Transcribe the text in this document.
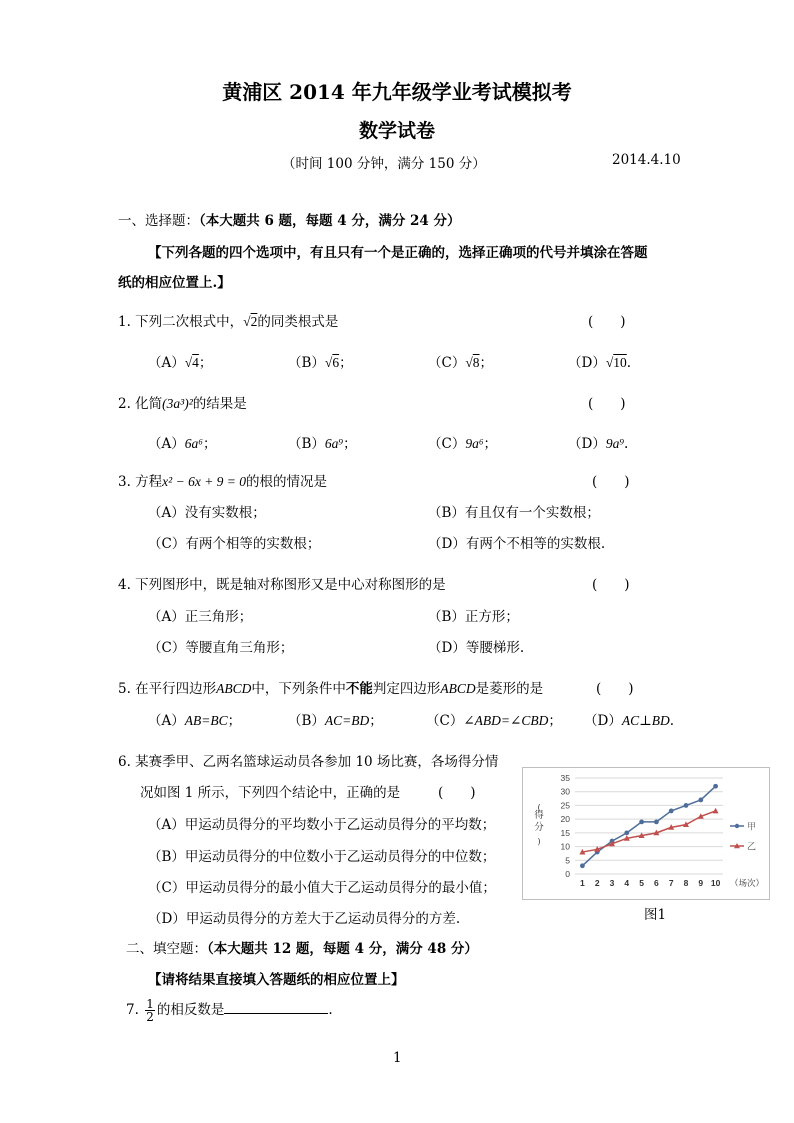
黄浦区 2014 年九年级学业考试模拟考
数学试卷
（时间 100 分钟，满分 150 分）	2014.4.10
一、选择题：（本大题共 6 题，每题 4 分，满分 24 分）
【下列各题的四个选项中，有且只有一个是正确的，选择正确项的代号并填涂在答题
纸的相应位置上.】
1. 下列二次根式中，√2的同类根式是	(　　)
（A）√4；	（B）√6；	（C）√8；	（D）√10.
2. 化简(3a³)²的结果是	(　　)
（A）6a⁶；	（B）6a⁹；	（C）9a⁶；	（D）9a⁹.
3. 方程x² − 6x + 9 = 0的根的情况是	(　　)
（A）没有实数根；	（B）有且仅有一个实数根；
（C）有两个相等的实数根；	（D）有两个不相等的实数根.
4. 下列图形中，既是轴对称图形又是中心对称图形的是	(　　)
（A）正三角形；	（B）正方形；
（C）等腰直角三角形；	（D）等腰梯形.
5. 在平行四边形ABCD中，下列条件中不能判定四边形ABCD是菱形的是	(　　)
（A）AB=BC；	（B）AC=BD；	（C）∠ABD=∠CBD； （D）AC⊥BD.
6. 某赛季甲、乙两名篮球运动员各参加 10 场比赛，各场得分情
况如图 1 所示，下列四个结论中，正确的是	(　　)
（A）甲运动员得分的平均数小于乙运动员得分的平均数；
（B）甲运动员得分的中位数小于乙运动员得分的中位数；
（C）甲运动员得分的最小值大于乙运动员得分的最小值；
（D）甲运动员得分的方差大于乙运动员得分的方差.
0
5
10
15
20
25
30
35
1 2 3 4 5 6 7 8 9 10 （场次）
得
分
(
)
甲
乙
图1
二、填空题：（本大题共 12 题，每题 4 分，满分 48 分）
【请将结果直接填入答题纸的相应位置上】
7. $\frac{1}{2}$ 的相反数是	.
1
